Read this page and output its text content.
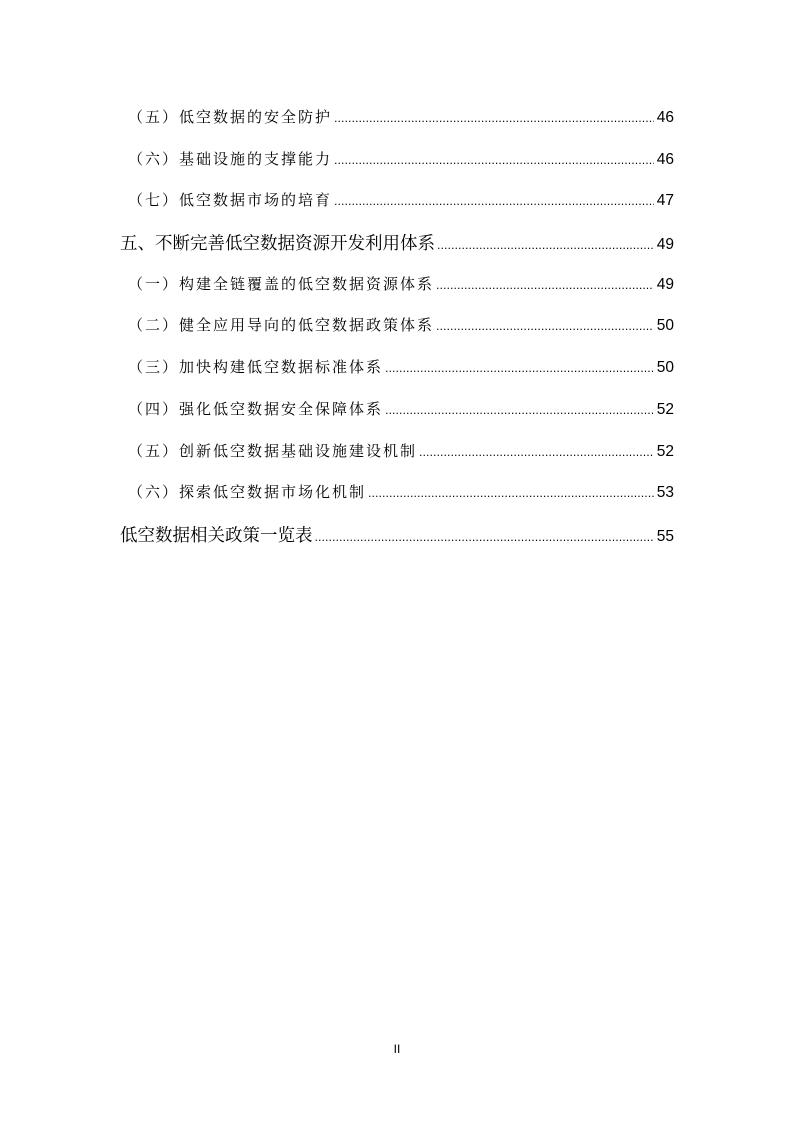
（五）低空数据的安全防护 .....	46
（六）基础设施的支撑能力 .....	46
（七）低空数据市场的培育 .....	47
五、不断完善低空数据资源开发利用体系 .....	49
（一）构建全链覆盖的低空数据资源体系 .....	49
（二）健全应用导向的低空数据政策体系 .....	50
（三）加快构建低空数据标准体系 .....	50
（四）强化低空数据安全保障体系 .....	52
（五）创新低空数据基础设施建设机制 .....	52
（六）探索低空数据市场化机制 .....	53
低空数据相关政策一览表 .....	55
II
